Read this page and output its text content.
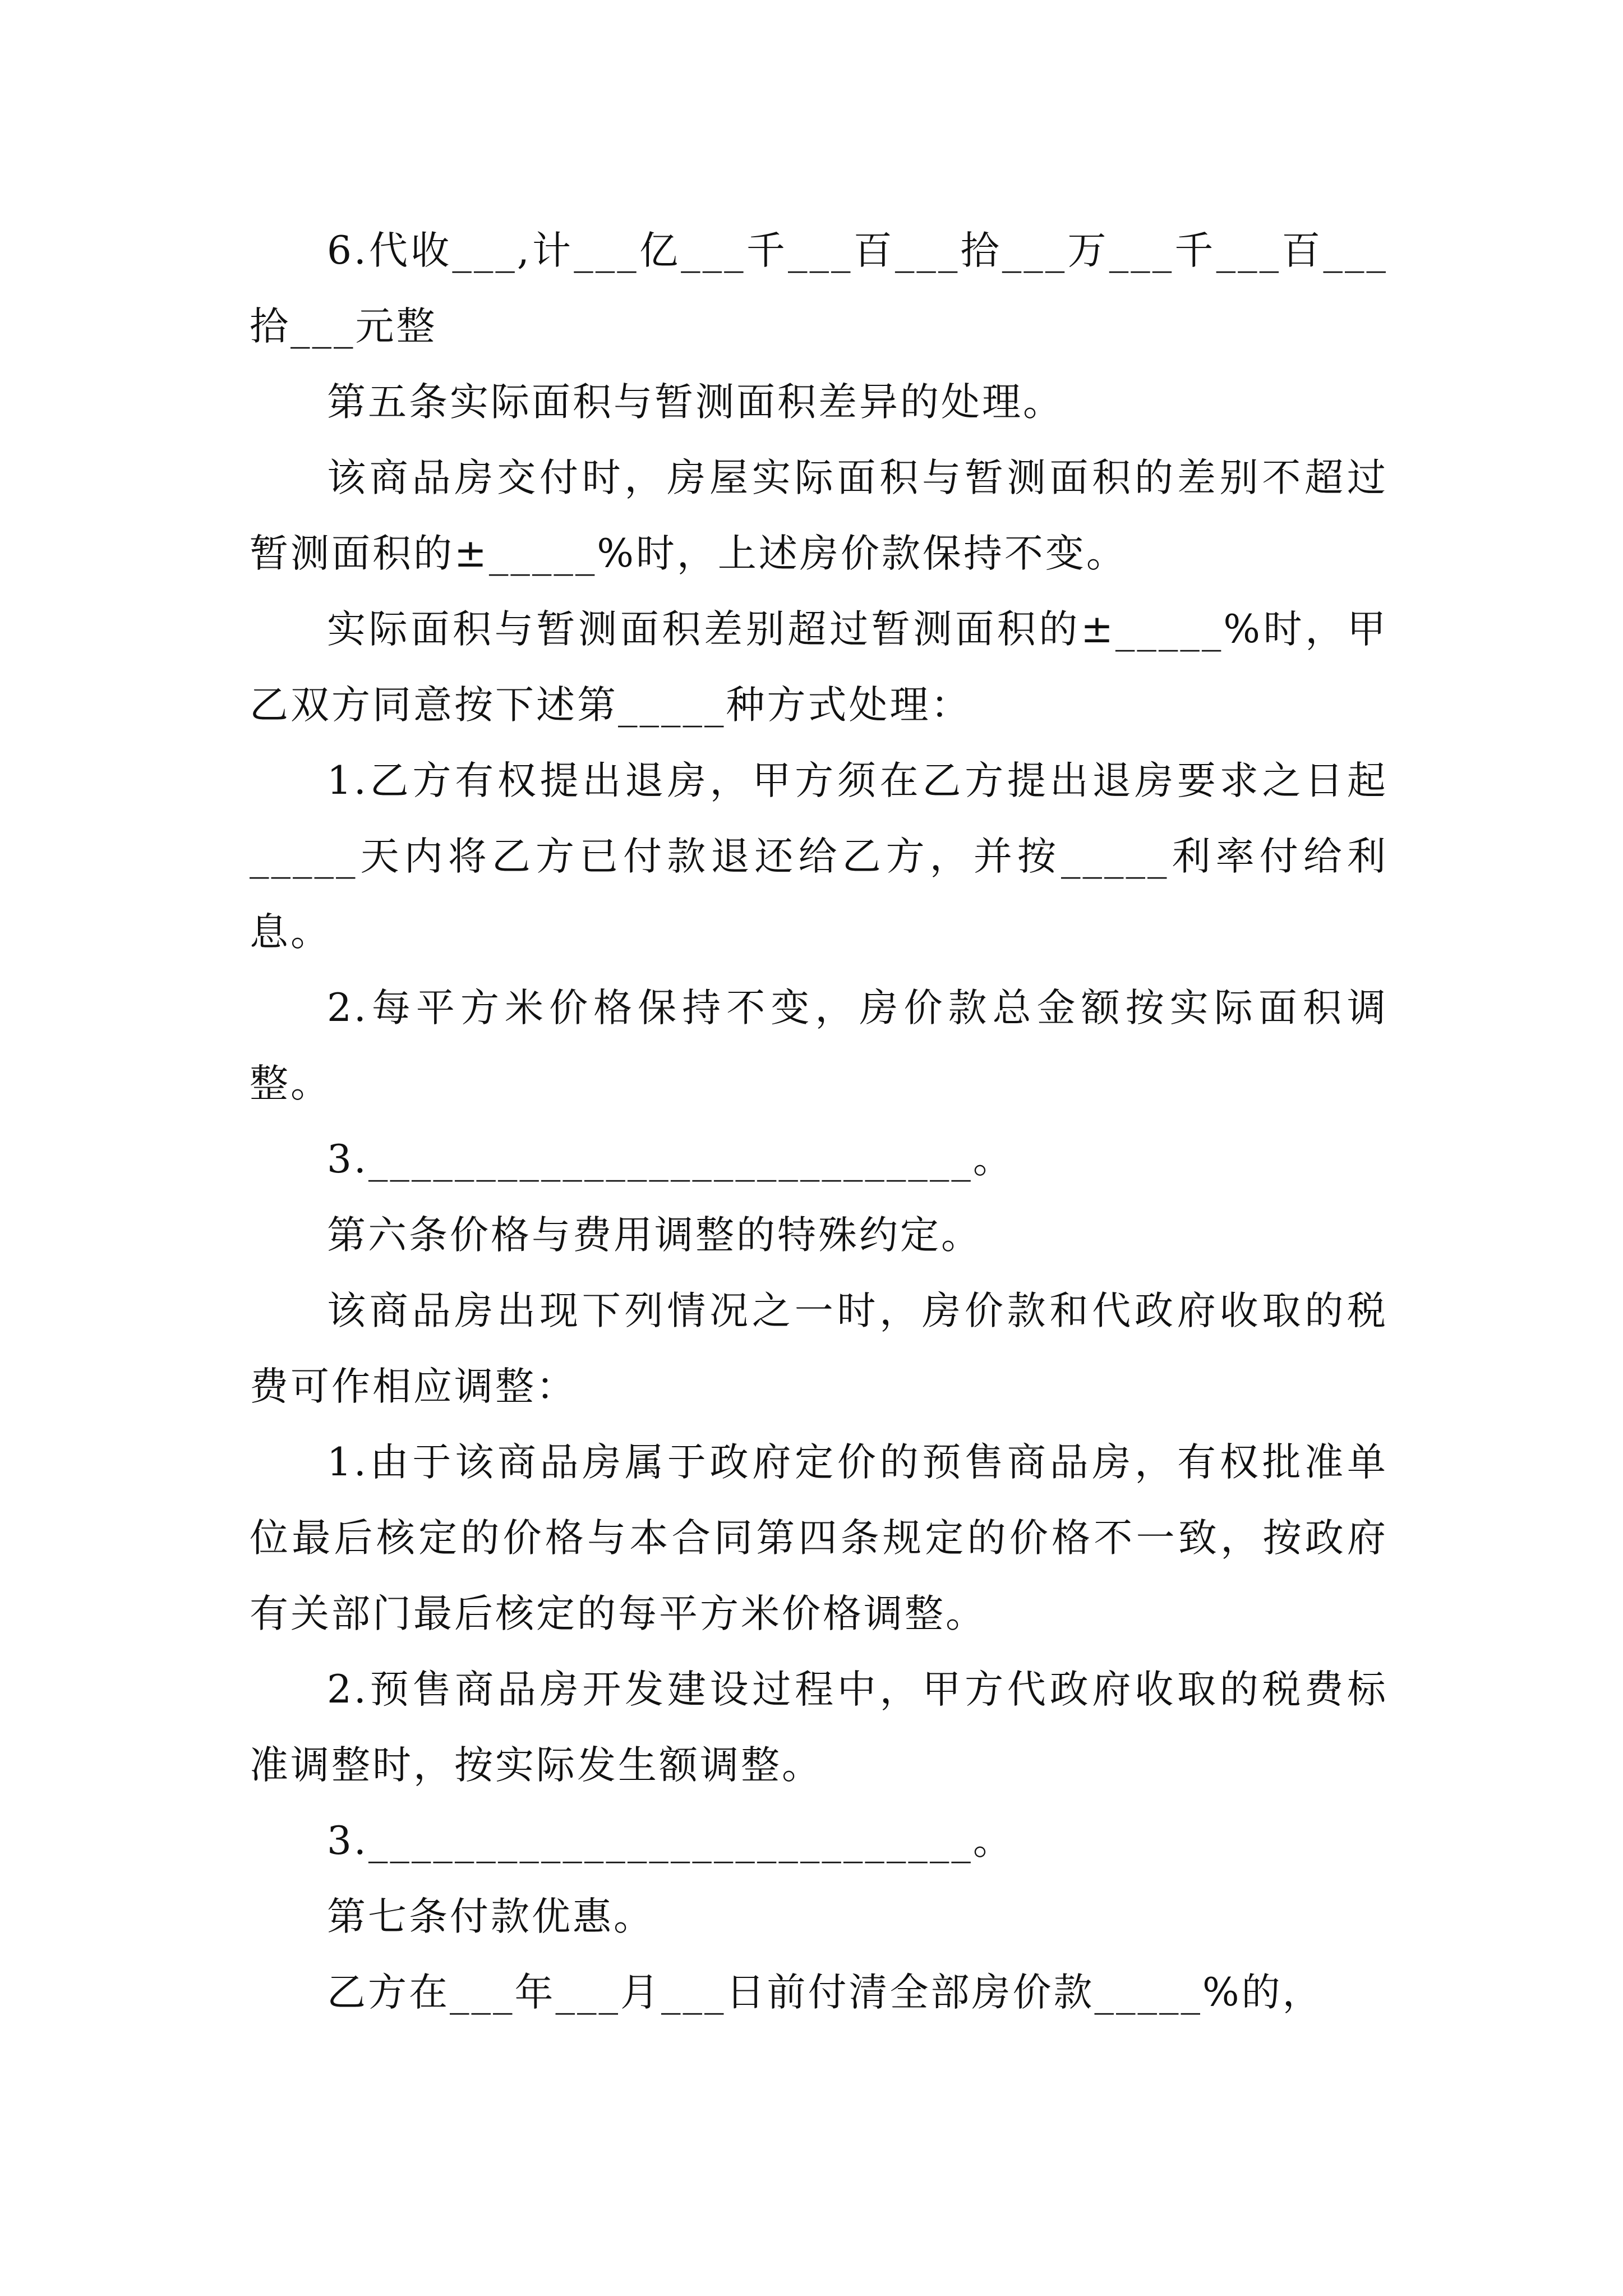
6.代收___,计___亿___千___百___拾___万___千___百___拾___元整

第五条实际面积与暂测面积差异的处理。

该商品房交付时，房屋实际面积与暂测面积的差别不超过暂测面积的±_____%时，上述房价款保持不变。

实际面积与暂测面积差别超过暂测面积的±_____%时，甲乙双方同意按下述第_____种方式处理：

1.乙方有权提出退房，甲方须在乙方提出退房要求之日起_____天内将乙方已付款退还给乙方，并按_____利率付给利息。

2.每平方米价格保持不变，房价款总金额按实际面积调整。

3.____________________________。

第六条价格与费用调整的特殊约定。

该商品房出现下列情况之一时，房价款和代政府收取的税费可作相应调整：

1.由于该商品房属于政府定价的预售商品房，有权批准单位最后核定的价格与本合同第四条规定的价格不一致，按政府有关部门最后核定的每平方米价格调整。

2.预售商品房开发建设过程中，甲方代政府收取的税费标准调整时，按实际发生额调整。

3.____________________________。

第七条付款优惠。

乙方在___年___月___日前付清全部房价款_____%的，
